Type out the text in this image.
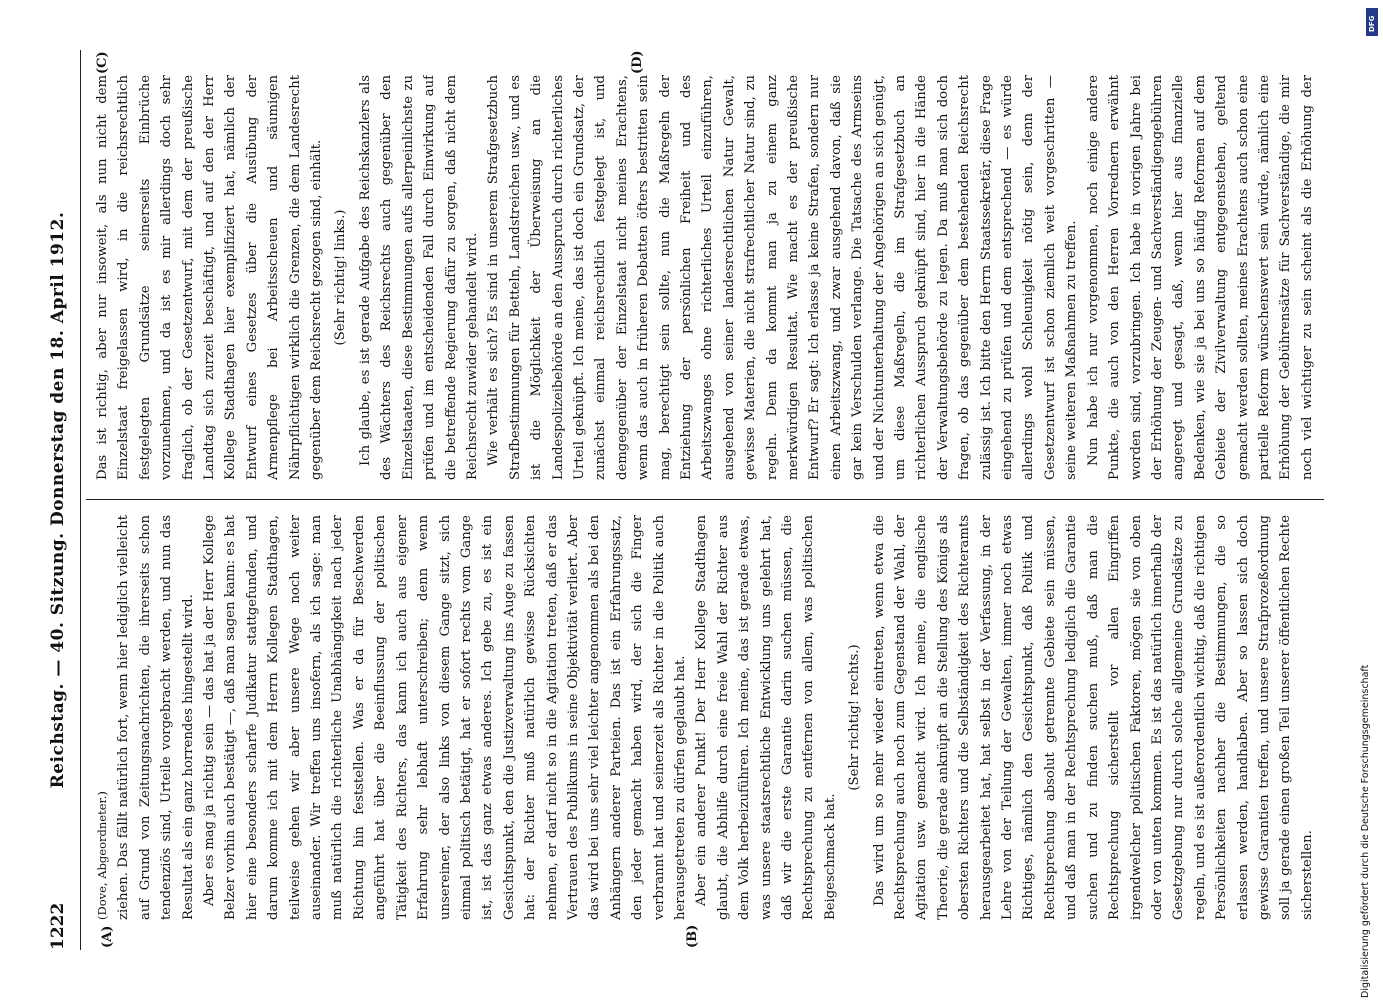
1222
Reichstag. — 40. Sitzung. Donnerstag den 18. April 1912.
(A)	(B)
(C)	(D)

(Dove, Abgeordneter.) ziehen. Das fällt natürlich fort, wenn hier lediglich vielleicht auf Grund von Zeitungsnachrichten, die ihrerseits schon tendenziös sind, Urteile vorgebracht werden, und nun das Resultat als ein ganz horrendes hingestellt wird. Aber es mag ja richtig sein — das hat ja der Herr Kollege Belzer vorhin auch bestätigt —, daß man sagen kann: es hat hier eine besonders scharfe Judikatur stattgefunden, und darum komme ich mit dem Herrn Kollegen Stadthagen, teilweise gehen wir aber unsere Wege noch weiter auseinander. Wir treffen uns insofern, als ich sage: man muß natürlich die richterliche Unabhängigkeit nach jeder Richtung hin feststellen. Was er da für Beschwerden angeführt hat über die Beeinflussung der politischen Tätigkeit des Richters, das kann ich auch aus eigener Erfahrung sehr lebhaft unterschreiben; denn wenn unsereiner, der also links von diesem Gange sitzt, sich einmal politisch betätigt, hat er sofort rechts vom Gange ist, ist das ganz etwas anderes. Ich gebe zu, es ist ein Gesichtspunkt, den die Justizverwaltung ins Auge zu fassen hat: der Richter muß natürlich gewisse Rücksichten nehmen, er darf nicht so in die Agitation treten, daß er das Vertrauen des Publikums in seine Objektivität verliert. Aber das wird bei uns sehr viel leichter angenommen als bei den Anhängern anderer Parteien. Das ist ein Erfahrungssatz, den jeder gemacht haben wird, der sich die Finger verbrannt hat und seinerzeit als Richter in die Politik auch herausgetreten zu dürfen geglaubt hat. Aber ein anderer Punkt! Der Herr Kollege Stadthagen glaubt, die Abhilfe durch eine freie Wahl der Richter aus dem Volk herbeizuführen. Ich meine, das ist gerade etwas, was unsere staatsrechtliche Entwicklung uns gelehrt hat, daß wir die erste Garantie darin suchen müssen, die Rechtsprechung zu entfernen von allem, was politischen Beigeschmack hat.

(Sehr richtig! rechts.) Das wird um so mehr wieder eintreten, wenn etwa die Rechtsprechung auch noch zum Gegenstand der Wahl, der Agitation usw. gemacht wird. Ich meine, die englische Theorie, die gerade anknüpft an die Stellung des Königs als obersten Richters und die Selbständigkeit des Richteramts herausgearbeitet hat, hat selbst in der Verfassung, in der Lehre von der Teilung der Gewalten, immer noch etwas Richtiges, nämlich den Gesichtspunkt, daß Politik und Rechtsprechung absolut getrennte Gebiete sein müssen, und daß man in der Rechtsprechung lediglich die Garantie suchen und zu finden suchen muß, daß man die Rechtsprechung sicherstellt vor allen Eingriffen irgendwelcher politischen Faktoren, mögen sie von oben oder von unten kommen. Es ist das natürlich innerhalb der Gesetzgebung nur durch solche allgemeine Grundsätze zu regeln, und es ist außerordentlich wichtig, daß die richtigen Persönlichkeiten nachher die Bestimmungen, die so erlassen werden, handhaben. Aber so lassen sich doch gewisse Garantien treffen, und unsere Strafprozeßordnung soll ja gerade einen großen Teil unserer öffentlichen Rechte sicherstellen.

Das ist richtig, aber nur insoweit, als nun nicht dem Einzelstaat freigelassen wird, in die reichsrechtlich festgelegten Grundsätze seinerseits Einbrüche vorzunehmen, und da ist es mir allerdings doch sehr fraglich, ob der Gesetzentwurf, mit dem der preußische Landtag sich zurzeit beschäftigt, und auf den der Herr Kollege Stadthagen hier exemplifiziert hat, nämlich der Entwurf eines Gesetzes über die Ausübung der Armenpflege bei Arbeitsscheuen und säumigen Nährpflichtigen wirklich die Grenzen, die dem Landesrecht gegenüber dem Reichsrecht gezogen sind, einhält. (Sehr richtig! links.) Ich glaube, es ist gerade Aufgabe des Reichskanzlers als des Wächters des Reichsrechts auch gegenüber den Einzelstaaten, diese Bestimmungen aufs allerpeinlichste zu prüfen und im entscheidenden Fall durch Einwirkung auf die betreffende Regierung dafür zu sorgen, daß nicht dem Reichsrecht zuwider gehandelt wird. Wie verhält es sich? Es sind in unserem Strafgesetzbuch Strafbestimmungen für Betteln, Landstreichen usw., und es ist die Möglichkeit der Überweisung an die Landespolizeibehörde an den Ausspruch durch richterliches Urteil geknüpft. Ich meine, das ist doch ein Grundsatz, der zunächst einmal reichsrechtlich festgelegt ist, und demgegenüber der Einzelstaat nicht meines Erachtens, wenn das auch in früheren Debatten öfters bestritten sein mag, berechtigt sein sollte, nun die Maßregeln der Entziehung der persönlichen Freiheit und des Arbeitszwanges ohne richterliches Urteil einzuführen, ausgehend von seiner landesrechtlichen Natur Gewalt, gewisse Materien, die nicht strafrechtlicher Natur sind, zu regeln. Denn da kommt man ja zu einem ganz merkwürdigen Resultat. Wie macht es der preußische Entwurf? Er sagt: Ich erlasse ja keine Strafen, sondern nur einen Arbeitszwang, und zwar ausgehend davon, daß sie gar kein Verschulden verlange. Die Tatsache des Armseins und der Nichtunterhaltung der Angehörigen an sich genügt, um diese Maßregeln, die im Strafgesetzbuch an richterlichen Ausspruch geknüpft sind, hier in die Hände der Verwaltungsbehörde zu legen. Da muß man sich doch fragen, ob das gegenüber dem bestehenden Reichsrecht zulässig ist. Ich bitte den Herrn Staatssekretär, diese Frage eingehend zu prüfen und dem entsprechend — es würde allerdings wohl Schleunigkeit nötig sein, denn der Gesetzentwurf ist schon ziemlich weit vorgeschritten — seine weiteren Maßnahmen zu treffen. Nun habe ich nur vorgenommen, noch einige andere Punkte, die auch von den Herren Vorrednern erwähnt worden sind, vorzubringen. Ich habe in vorigen Jahre bei der Erhöhung der Zeugen- und Sachverständigengebühren angeregt und gesagt, daß, wenn hier aus finanzielle Bedenken, wie sie ja bei uns so häufig Reformen auf dem Gebiete der Zivilverwaltung entgegenstehen, geltend gemacht werden sollten, meines Erachtens auch schon eine partielle Reform wünschenswert sein würde, nämlich eine Erhöhung der Gebührensätze für Sachverständige, die mir noch viel wichtiger zu sein scheint als die Erhöhung der

Digitalisierung gefördert durch die Deutsche Forschungsgemeinschaft
DFG
